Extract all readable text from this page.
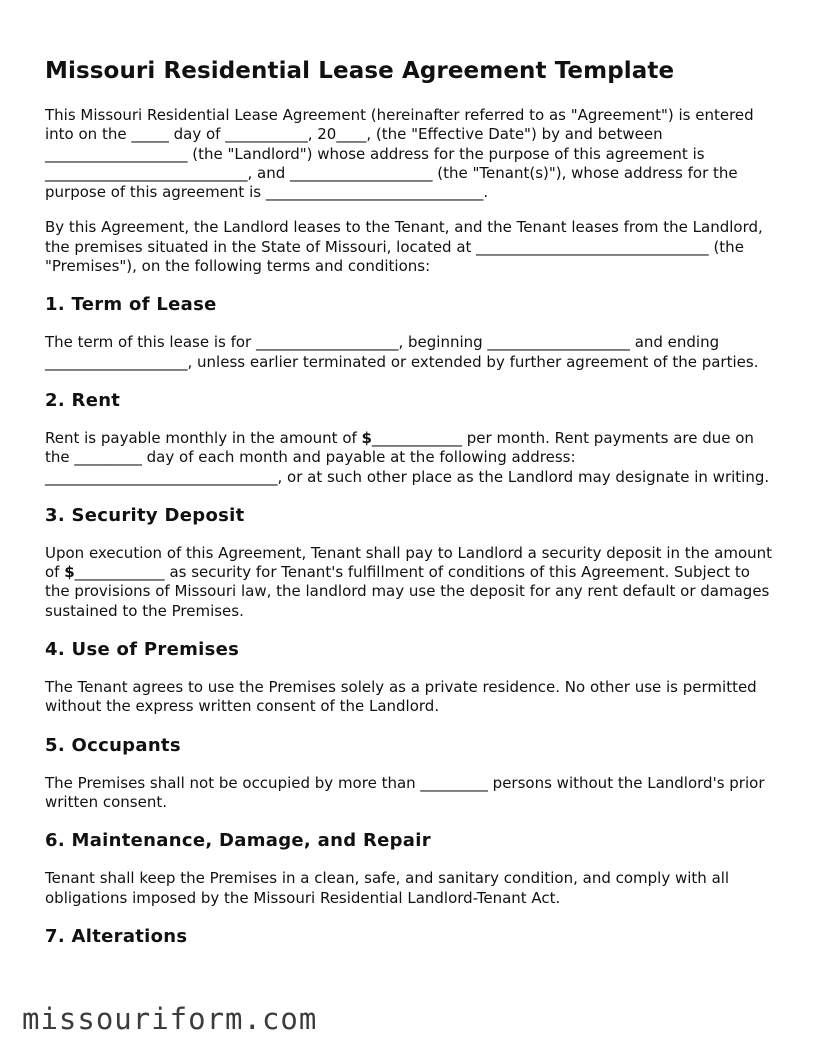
Missouri Residential Lease Agreement Template

This Missouri Residential Lease Agreement (hereinafter referred to as "Agreement") is entered into on the _____ day of ___________, 20____, (the "Effective Date") by and between ___________________ (the "Landlord") whose address for the purpose of this agreement is ___________________________, and ___________________ (the "Tenant(s)"), whose address for the purpose of this agreement is _____________________________.

By this Agreement, the Landlord leases to the Tenant, and the Tenant leases from the Landlord, the premises situated in the State of Missouri, located at _______________________________ (the "Premises"), on the following terms and conditions:

1. Term of Lease

The term of this lease is for ___________________, beginning ___________________ and ending ___________________, unless earlier terminated or extended by further agreement of the parties.

2. Rent

Rent is payable monthly in the amount of $____________ per month. Rent payments are due on the _________ day of each month and payable at the following address: _______________________________, or at such other place as the Landlord may designate in writing.

3. Security Deposit

Upon execution of this Agreement, Tenant shall pay to Landlord a security deposit in the amount of $____________ as security for Tenant's fulfillment of conditions of this Agreement. Subject to the provisions of Missouri law, the landlord may use the deposit for any rent default or damages sustained to the Premises.

4. Use of Premises

The Tenant agrees to use the Premises solely as a private residence. No other use is permitted without the express written consent of the Landlord.

5. Occupants

The Premises shall not be occupied by more than _________ persons without the Landlord's prior written consent.

6. Maintenance, Damage, and Repair

Tenant shall keep the Premises in a clean, safe, and sanitary condition, and comply with all obligations imposed by the Missouri Residential Landlord-Tenant Act.

7. Alterations
missouriform.com
